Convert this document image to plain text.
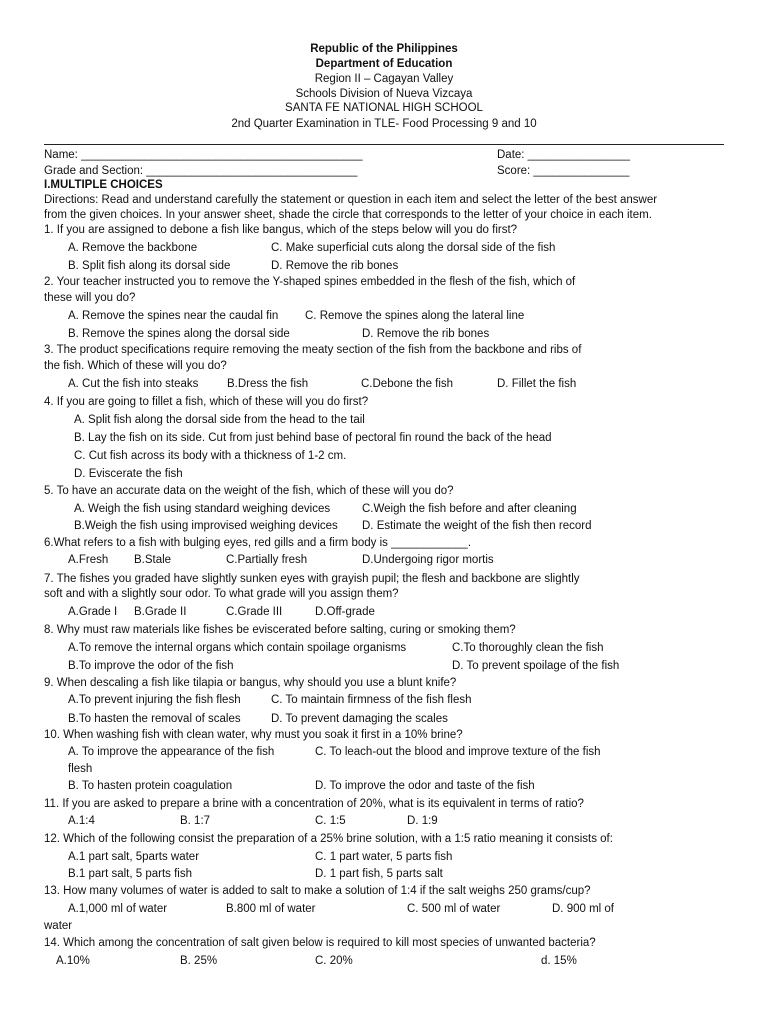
Republic of the Philippines
Department of Education
Region II – Cagayan Valley
Schools Division of Nueva Vizcaya
SANTA FE NATIONAL HIGH SCHOOL
2nd Quarter Examination in TLE- Food Processing 9 and 10
Name: ____________________________________________	Date: ________________
Grade and Section: _________________________________	Score: _______________
I.MULTIPLE CHOICES
Directions: Read and understand carefully the statement or question in each item and select the letter of the best answer
from the given choices. In your answer sheet, shade the circle that corresponds to the letter of your choice in each item.
1. If you are assigned to debone a fish like bangus, which of the steps below will you do first?
A. Remove the backbone	C. Make superficial cuts along the dorsal side of the fish
B. Split fish along its dorsal side	D. Remove the rib bones
2. Your teacher instructed you to remove the Y-shaped spines embedded in the flesh of the fish, which of
these will you do?
A. Remove the spines near the caudal fin C. Remove the spines along the lateral line
B. Remove the spines along the dorsal side	D. Remove the rib bones
3. The product specifications require removing the meaty section of the fish from the backbone and ribs of
the fish. Which of these will you do?
A. Cut the fish into steaks B.Dress the fish	C.Debone the fish	D. Fillet the fish
4. If you are going to fillet a fish, which of these will you do first?
A. Split fish along the dorsal side from the head to the tail
B. Lay the fish on its side. Cut from just behind base of pectoral fin round the back of the head
C. Cut fish across its body with a thickness of 1-2 cm.
D. Eviscerate the fish
5. To have an accurate data on the weight of the fish, which of these will you do?
A. Weigh the fish using standard weighing devices	C.Weigh the fish before and after cleaning
B.Weigh the fish using improvised weighing devices D. Estimate the weight of the fish then record
6.What refers to a fish with bulging eyes, red gills and a firm body is ____________.
A.Fresh B.Stale	C.Partially fresh	D.Undergoing rigor mortis
7. The fishes you graded have slightly sunken eyes with grayish pupil; the flesh and backbone are slightly
soft and with a slightly sour odor. To what grade will you assign them?
A.Grade I B.Grade II	C.Grade III	D.Off-grade
8. Why must raw materials like fishes be eviscerated before salting, curing or smoking them?
A.To remove the internal organs which contain spoilage organisms	C.To thoroughly clean the fish
B.To improve the odor of the fish	D. To prevent spoilage of the fish
9. When descaling a fish like tilapia or bangus, why should you use a blunt knife?
A.To prevent injuring the fish flesh	C. To maintain firmness of the fish flesh
B.To hasten the removal of scales	D. To prevent damaging the scales
10. When washing fish with clean water, why must you soak it first in a 10% brine?
A. To improve the appearance of the fish	C. To leach-out the blood and improve texture of the fish
flesh
B. To hasten protein coagulation	D. To improve the odor and taste of the fish
11. If you are asked to prepare a brine with a concentration of 20%, what is its equivalent in terms of ratio?
A.1:4	B. 1:7	C. 1:5	D. 1:9
12. Which of the following consist the preparation of a 25% brine solution, with a 1:5 ratio meaning it consists of:
A.1 part salt, 5parts water	C. 1 part water, 5 parts fish
B.1 part salt, 5 parts fish	D. 1 part fish, 5 parts salt
13. How many volumes of water is added to salt to make a solution of 1:4 if the salt weighs 250 grams/cup?
A.1,000 ml of water	B.800 ml of water	C. 500 ml of water	D. 900 ml of
water
14. Which among the concentration of salt given below is required to kill most species of unwanted bacteria?
A.10%	B. 25%	C. 20%	d. 15%
